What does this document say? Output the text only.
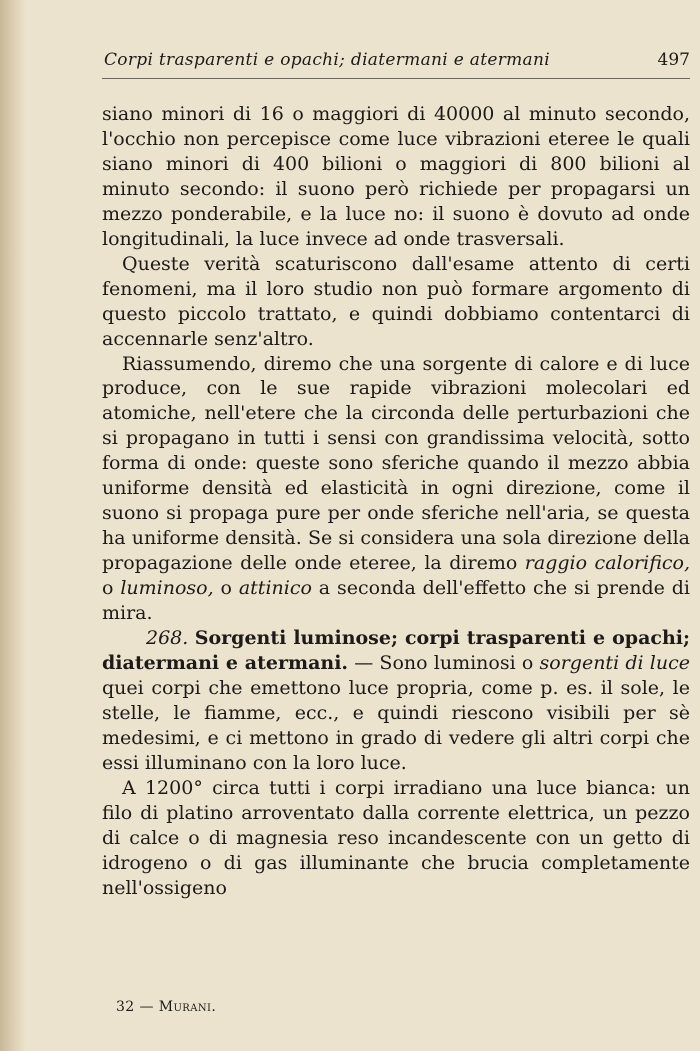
Corpi trasparenti e opachi; diatermani e atermani	497

siano minori di 16 o maggiori di 40000 al minuto secondo, l'occhio non percepisce come luce vibrazioni eteree le quali siano minori di 400 bilioni o maggiori di 800 bilioni al minuto secondo: il suono però richiede per propagarsi un mezzo ponderabile, e la luce no: il suono è dovuto ad onde longitudinali, la luce invece ad onde trasversali.

Queste verità scaturiscono dall'esame attento di certi fenomeni, ma il loro studio non può formare argomento di questo piccolo trattato, e quindi dobbiamo contentarci di accennarle senz'altro.

Riassumendo, diremo che una sorgente di calore e di luce produce, con le sue rapide vibrazioni molecolari ed atomiche, nell'etere che la circonda delle perturbazioni che si propagano in tutti i sensi con grandissima velocità, sotto forma di onde: queste sono sferiche quando il mezzo abbia uniforme densità ed elasticità in ogni direzione, come il suono si propaga pure per onde sferiche nell'aria, se questa ha uniforme densità. Se si considera una sola direzione della propagazione delle onde eteree, la diremo raggio calorifico, o luminoso, o attinico a seconda dell'effetto che si prende di mira.

268. Sorgenti luminose; corpi trasparenti e opachi; diatermani e atermani. — Sono luminosi o sorgenti di luce quei corpi che emettono luce propria, come p. es. il sole, le stelle, le fiamme, ecc., e quindi riescono visibili per sè medesimi, e ci mettono in grado di vedere gli altri corpi che essi illuminano con la loro luce.

A 1200° circa tutti i corpi irradiano una luce bianca: un filo di platino arroventato dalla corrente elettrica, un pezzo di calce o di magnesia reso incandescente con un getto di idrogeno o di gas illuminante che brucia completamente nell'ossigeno

32 — Murani.
